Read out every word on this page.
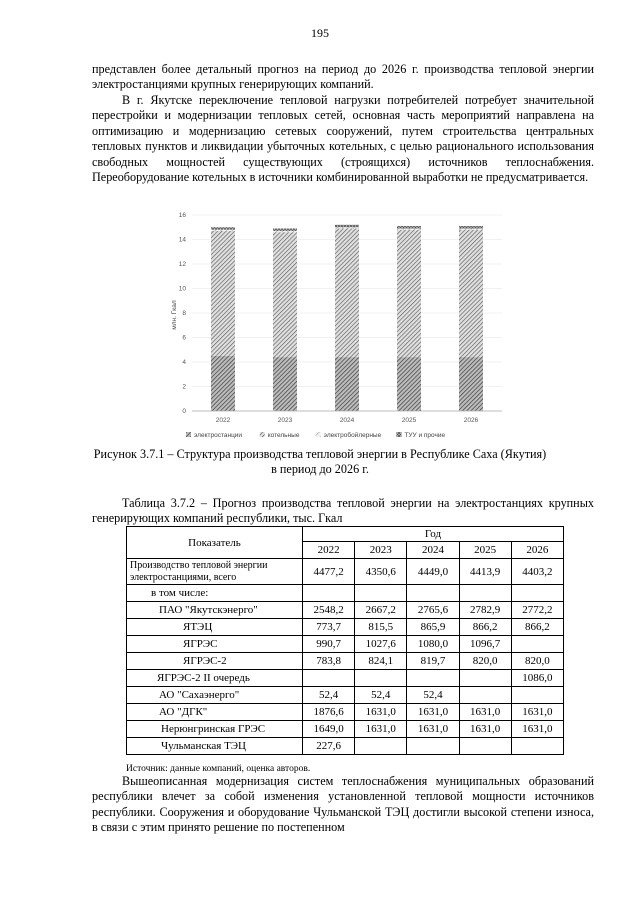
195

представлен более детальный прогноз на период до 2026 г. производства тепловой энергии электростанциями крупных генерирующих компаний.

В г. Якутске переключение тепловой нагрузки потребителей потребует значительной перестройки и модернизации тепловых сетей, основная часть мероприятий направлена на оптимизацию и модернизацию сетевых сооружений, путем строительства центральных тепловых пунктов и ликвидации убыточных котельных, с целью рационального использования свободных мощностей существующих (строящихся) источников теплоснабжения. Переоборудование котельных в источники комбинированной выработки не предусматривается.

0
2
4
6
8
10
12
14
16
2022	2023	2024	2025	2026
млн. Гкал
электростанции	котельные	электробойлерные	ТУУ и прочие
Рисунок 3.7.1 – Структура производства тепловой энергии в Республике Саха (Якутия) в период до 2026 г.

Таблица 3.7.2 – Прогноз производства тепловой энергии на электростанциях крупных генерирующих компаний республики, тыс. Гкал

Показатель	Год				
	2022	2023	2024	2025	2026
Производство тепловой энергии электростанциями, всего	4477,2	4350,6	4449,0	4413,9	4403,2
в том числе:					
ПАО "Якутскэнерго"	2548,2	2667,2	2765,6	2782,9	2772,2
ЯТЭЦ	773,7	815,5	865,9	866,2	866,2
ЯГРЭС	990,7	1027,6	1080,0	1096,7	
ЯГРЭС-2	783,8	824,1	819,7	820,0	820,0
ЯГРЭС-2 II очередь					1086,0
АО "Сахаэнерго"	52,4	52,4	52,4		
АО "ДГК"	1876,6	1631,0	1631,0	1631,0	1631,0
Нерюнгринская ГРЭС	1649,0	1631,0	1631,0	1631,0	1631,0
Чульманская ТЭЦ	227,6				
Источник: данные компаний, оценка авторов.

Вышеописанная модернизация систем теплоснабжения муниципальных образований республики влечет за собой изменения установленной тепловой мощности источников республики. Сооружения и оборудование Чульманской ТЭЦ достигли высокой степени износа, в связи с этим принято решение по постепенном
